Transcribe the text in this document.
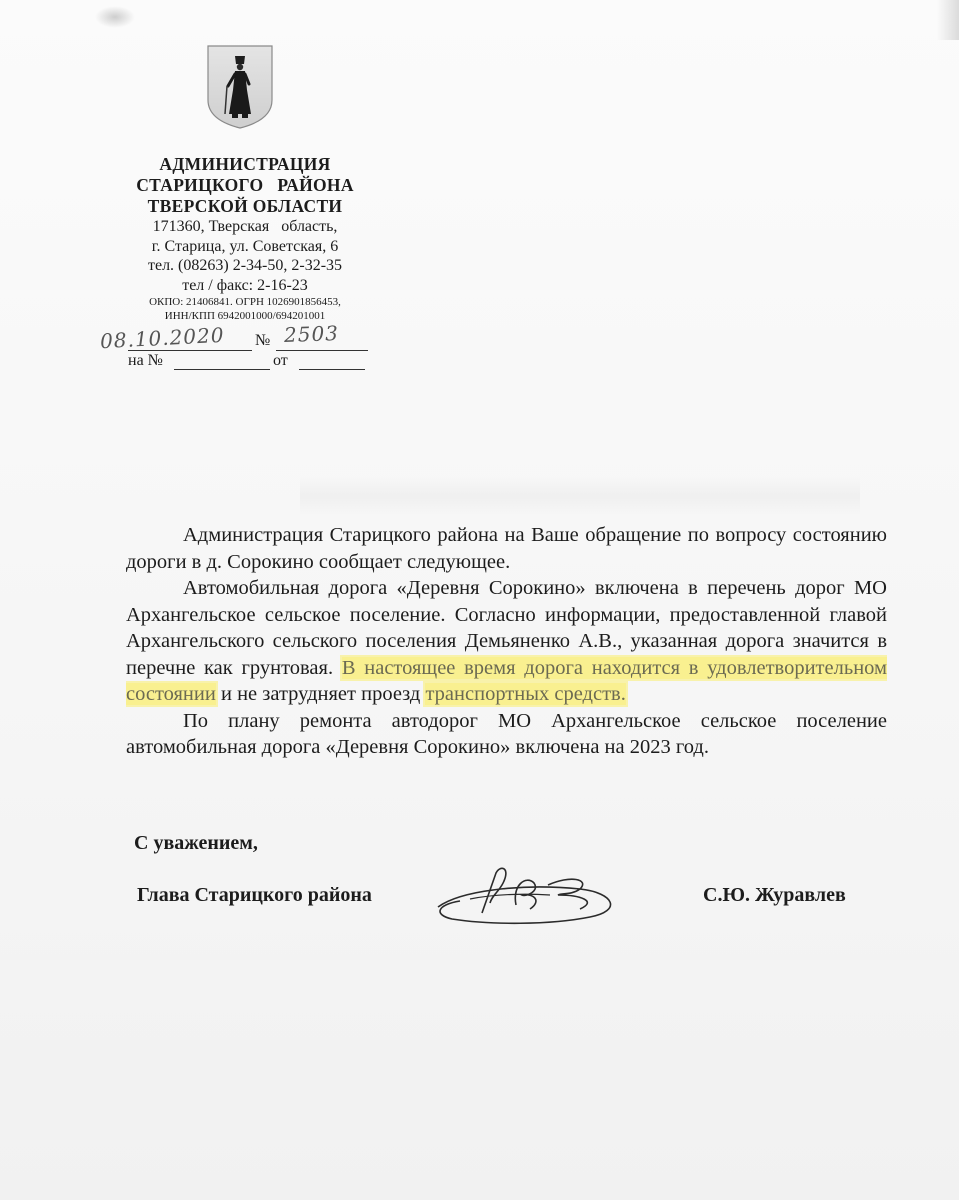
АДМИНИСТРАЦИЯ
СТАРИЦКОГО   РАЙОНА
ТВЕРСКОЙ ОБЛАСТИ
171360, Тверская   область,
г. Старица, ул. Советская, 6
тел. (08263) 2-34-50, 2-32-35
тел / факс: 2-16-23
ОКПО: 21406841. ОГРН 1026901856453,
ИНН/КПП 6942001000/694201001
08.10.2020 № 2503
на №	от

Администрация Старицкого района на Ваше обращение по вопросу состоянию дороги в д. Сорокино сообщает следующее.

Автомобильная дорога «Деревня Сорокино» включена в перечень дорог МО Архангельское сельское поселение. Согласно информации, предоставленной главой Архангельского сельского поселения Демьяненко А.В., указанная дорога значится в перечне как грунтовая. В настоящее время дорога находится в удовлетворительном состоянии и не затрудняет проезд транспортных средств.

По плану ремонта автодорог МО Архангельское сельское поселение автомобильная дорога «Деревня Сорокино» включена на 2023 год.

С уважением,
Глава Старицкого района	С.Ю. Журавлев
